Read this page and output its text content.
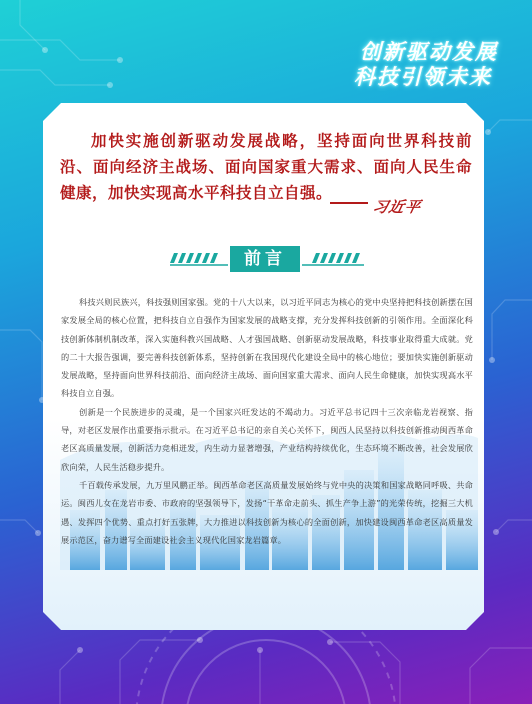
创新驱动发展
科技引领未来

加快实施创新驱动发展战略，坚持面向世界科技前沿、面向经济主战场、面向国家重大需求、面向人民生命健康，加快实现高水平科技自立自强。

习近平
前言

科技兴则民族兴，科技强则国家强。党的十八大以来，以习近平同志为核心的党中央坚持把科技创新摆在国家发展全局的核心位置，把科技自立自强作为国家发展的战略支撑，充分发挥科技创新的引领作用。全面深化科技创新体制机制改革，深入实施科教兴国战略、人才强国战略、创新驱动发展战略，科技事业取得重大成就。党的二十大报告强调，要完善科技创新体系，坚持创新在我国现代化建设全局中的核心地位；要加快实施创新驱动发展战略，坚持面向世界科技前沿、面向经济主战场、面向国家重大需求、面向人民生命健康，加快实现高水平科技自立自强。

创新是一个民族进步的灵魂，是一个国家兴旺发达的不竭动力。习近平总书记四十三次亲临龙岩视察、指导，对老区发展作出重要指示批示。在习近平总书记的亲自关心关怀下，闽西人民坚持以科技创新推动闽西革命老区高质量发展，创新活力竞相迸发，内生动力显著增强，产业结构持续优化，生态环境不断改善，社会发展欣欣向荣，人民生活稳步提升。

千百载传承发展，九万里风鹏正举。闽西革命老区高质量发展始终与党中央的决策和国家战略同呼吸、共命运。闽西儿女在龙岩市委、市政府的坚强领导下，发扬“干革命走前头、抓生产争上游”的光荣传统，挖掘三大机遇、发挥四个优势、重点打好五张牌，大力推进以科技创新为核心的全面创新，加快建设闽西革命老区高质量发展示范区，奋力谱写全面建设社会主义现代化国家龙岩篇章。
